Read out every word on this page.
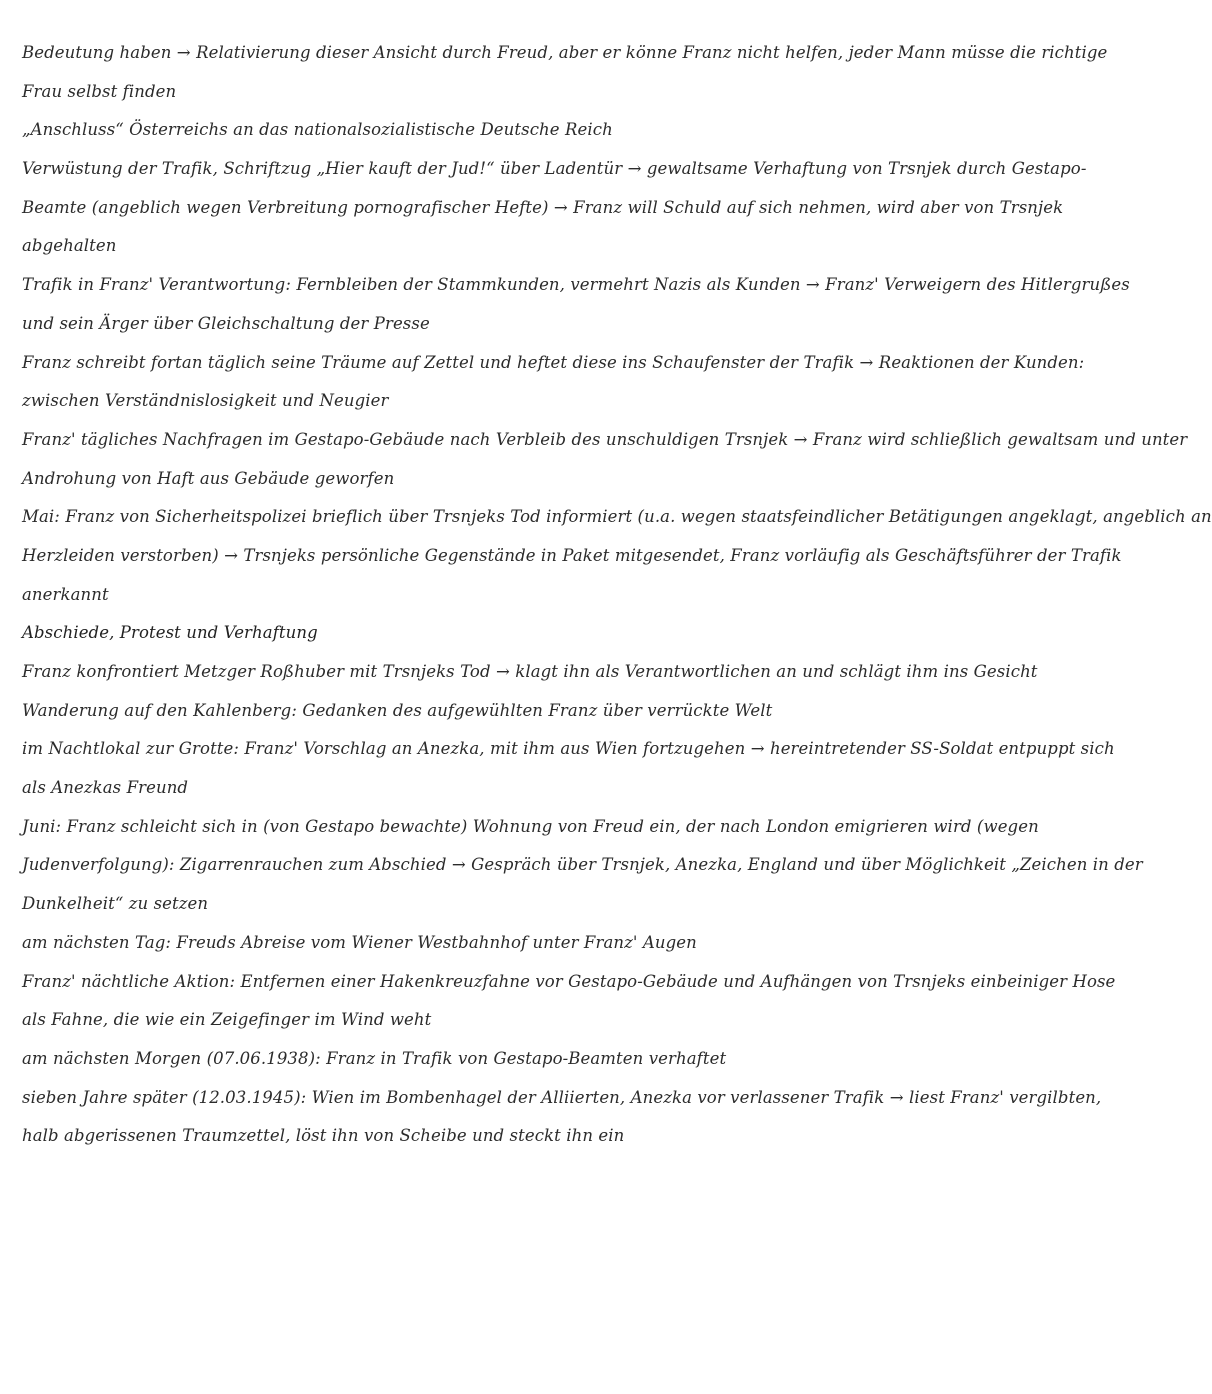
Bedeutung haben → Relativierung dieser Ansicht durch Freud, aber er könne Franz nicht helfen, jeder Mann müsse die richtige
Frau selbst finden
„Anschluss“ Österreichs an das nationalsozialistische Deutsche Reich
Verwüstung der Trafik, Schriftzug „Hier kauft der Jud!“ über Ladentür → gewaltsame Verhaftung von Trsnjek durch Gestapo-
Beamte (angeblich wegen Verbreitung pornografischer Hefte) → Franz will Schuld auf sich nehmen, wird aber von Trsnjek
abgehalten
Trafik in Franz' Verantwortung: Fernbleiben der Stammkunden, vermehrt Nazis als Kunden → Franz' Verweigern des Hitlergrußes
und sein Ärger über Gleichschaltung der Presse
Franz schreibt fortan täglich seine Träume auf Zettel und heftet diese ins Schaufenster der Trafik → Reaktionen der Kunden:
zwischen Verständnislosigkeit und Neugier
Franz' tägliches Nachfragen im Gestapo-Gebäude nach Verbleib des unschuldigen Trsnjek → Franz wird schließlich gewaltsam und unter
Androhung von Haft aus Gebäude geworfen
Mai: Franz von Sicherheitspolizei brieflich über Trsnjeks Tod informiert (u.a. wegen staatsfeindlicher Betätigungen angeklagt, angeblich an
Herzleiden verstorben) → Trsnjeks persönliche Gegenstände in Paket mitgesendet, Franz vorläufig als Geschäftsführer der Trafik
anerkannt
Abschiede, Protest und Verhaftung
Franz konfrontiert Metzger Roßhuber mit Trsnjeks Tod → klagt ihn als Verantwortlichen an und schlägt ihm ins Gesicht
Wanderung auf den Kahlenberg: Gedanken des aufgewühlten Franz über verrückte Welt
im Nachtlokal zur Grotte: Franz' Vorschlag an Anezka, mit ihm aus Wien fortzugehen → hereintretender SS-Soldat entpuppt sich
als Anezkas Freund
Juni: Franz schleicht sich in (von Gestapo bewachte) Wohnung von Freud ein, der nach London emigrieren wird (wegen
Judenverfolgung): Zigarrenrauchen zum Abschied → Gespräch über Trsnjek, Anezka, England und über Möglichkeit „Zeichen in der
Dunkelheit“ zu setzen
am nächsten Tag: Freuds Abreise vom Wiener Westbahnhof unter Franz' Augen
Franz' nächtliche Aktion: Entfernen einer Hakenkreuzfahne vor Gestapo-Gebäude und Aufhängen von Trsnjeks einbeiniger Hose
als Fahne, die wie ein Zeigefinger im Wind weht
am nächsten Morgen (07.06.1938): Franz in Trafik von Gestapo-Beamten verhaftet
sieben Jahre später (12.03.1945): Wien im Bombenhagel der Alliierten, Anezka vor verlassener Trafik → liest Franz' vergilbten,
halb abgerissenen Traumzettel, löst ihn von Scheibe und steckt ihn ein
